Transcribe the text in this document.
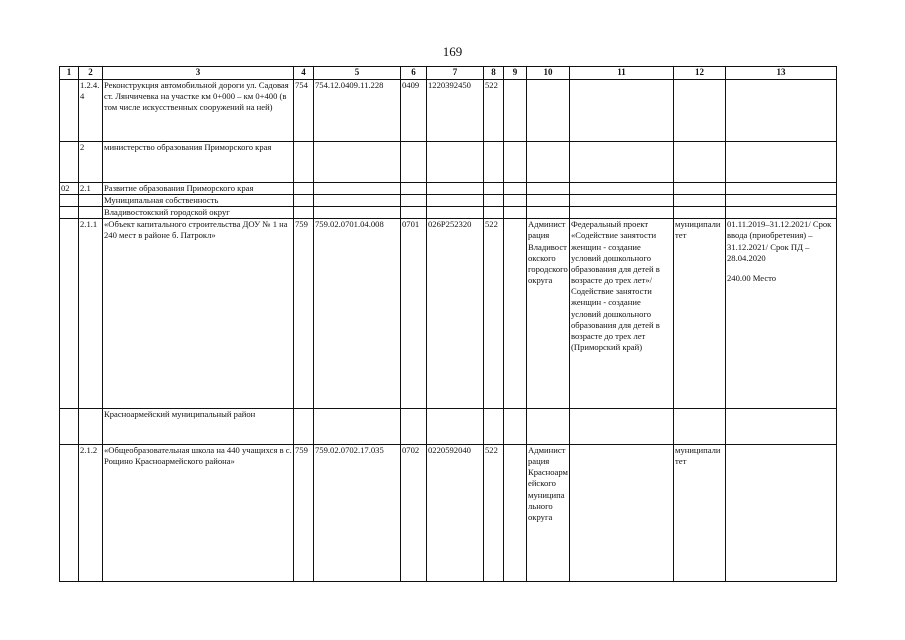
169
1	2	3	4	5	6	7	8	9	10	11	12	13
	1.2.4.4	Реконструкция автомобильной дороги ул. Садовая ст. Лянчичевка на участке км 0+000 – км 0+400 (в том числе искусственных сооружений на ней)	754	754.12.0409.11.228	0409	1220392450	522					
	2	министерство образования Приморского края										
02	2.1	Развитие образования Приморского края										
		Муниципальная собственность										
		Владивостокский городской округ										
	2.1.1	«Объект капитального строительства ДОУ № 1 на 240 мест в районе б. Патрокл»	759	759.02.0701.04.008	0701	026P252320	522		Администрация Владивостокского городского округа	Федеральный проект «Содействие занятости женщин - создание условий дошкольного образования для детей в возрасте до трех лет»/Содействие занятости женщин - создание условий дошкольного образования для детей в возрасте до трех лет (Приморский край)	муниципалитет	01.11.2019–31.12.2021/ Срок ввода (приобретения) – 31.12.2021/ Срок ПД – 28.04.2020
240.00 Место

		Красноармейский муниципальный район										
	2.1.2	«Общеобразовательная школа на 440 учащихся в с. Рощино Красноармейского района»	759	759.02.0702.17.035	0702	0220592040	522		Администрация Красноармейского муниципального округа		муниципалитет	
